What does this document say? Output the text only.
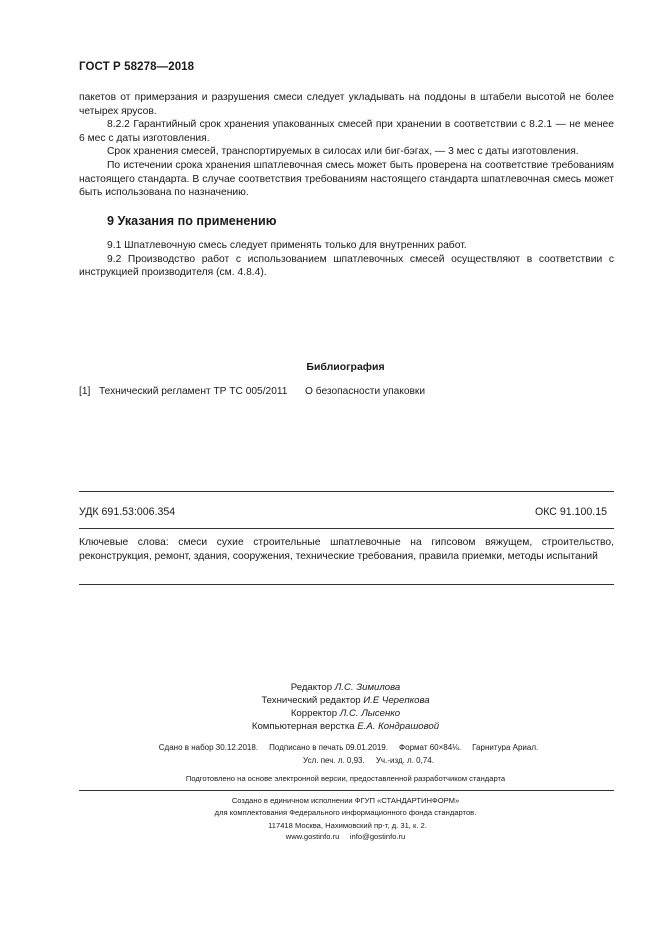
ГОСТ Р 58278—2018

пакетов от примерзания и разрушения смеси следует укладывать на поддоны в штабели высотой не более четырех ярусов.

8.2.2 Гарантийный срок хранения упакованных смесей при хранении в соответствии с 8.2.1 — не менее 6 мес с даты изготовления.

Срок хранения смесей, транспортируемых в силосах или биг-бэгах, — 3 мес с даты изготовления.

По истечении срока хранения шпатлевочная смесь может быть проверена на соответствие требованиям настоящего стандарта. В случае соответствия требованиям настоящего стандарта шпатлевочная смесь может быть использована по назначению.

9 Указания по применению

9.1 Шпатлевочную смесь следует применять только для внутренних работ.

9.2 Производство работ с использованием шпатлевочных смесей осуществляют в соответствии с инструкцией производителя (см. 4.8.4).

Библиография
[1] Технический регламент ТР ТС 005/2011 О безопасности упаковки
УДК 691.53:006.354	ОКС 91.100.15

Ключевые слова: смеси сухие строительные шпатлевочные на гипсовом вяжущем, строительство, реконструкция, ремонт, здания, сооружения, технические требования, правила приемки, методы испытаний

Редактор Л.С. Зимилова
Технический редактор И.Е Черепкова
Корректор Л.С. Лысенко
Компьютерная верстка Е.А. Кондрашовой
Сдано в набор 30.12.2018.     Подписано в печать 09.01.2019.     Формат 60×84⅛.     Гарнитура Ариал.
Усл. печ. л. 0,93.     Уч.-изд. л. 0,74.
Подготовлено на основе электронной версии, предоставленной разработчиком стандарта
Создано в единичном исполнении ФГУП «СТАНДАРТИНФОРМ»
для комплектования Федерального информационного фонда стандартов.
117418 Москва, Нахимовский пр-т, д. 31, к. 2.
www.gostinfo.ru     info@gostinfo.ru
